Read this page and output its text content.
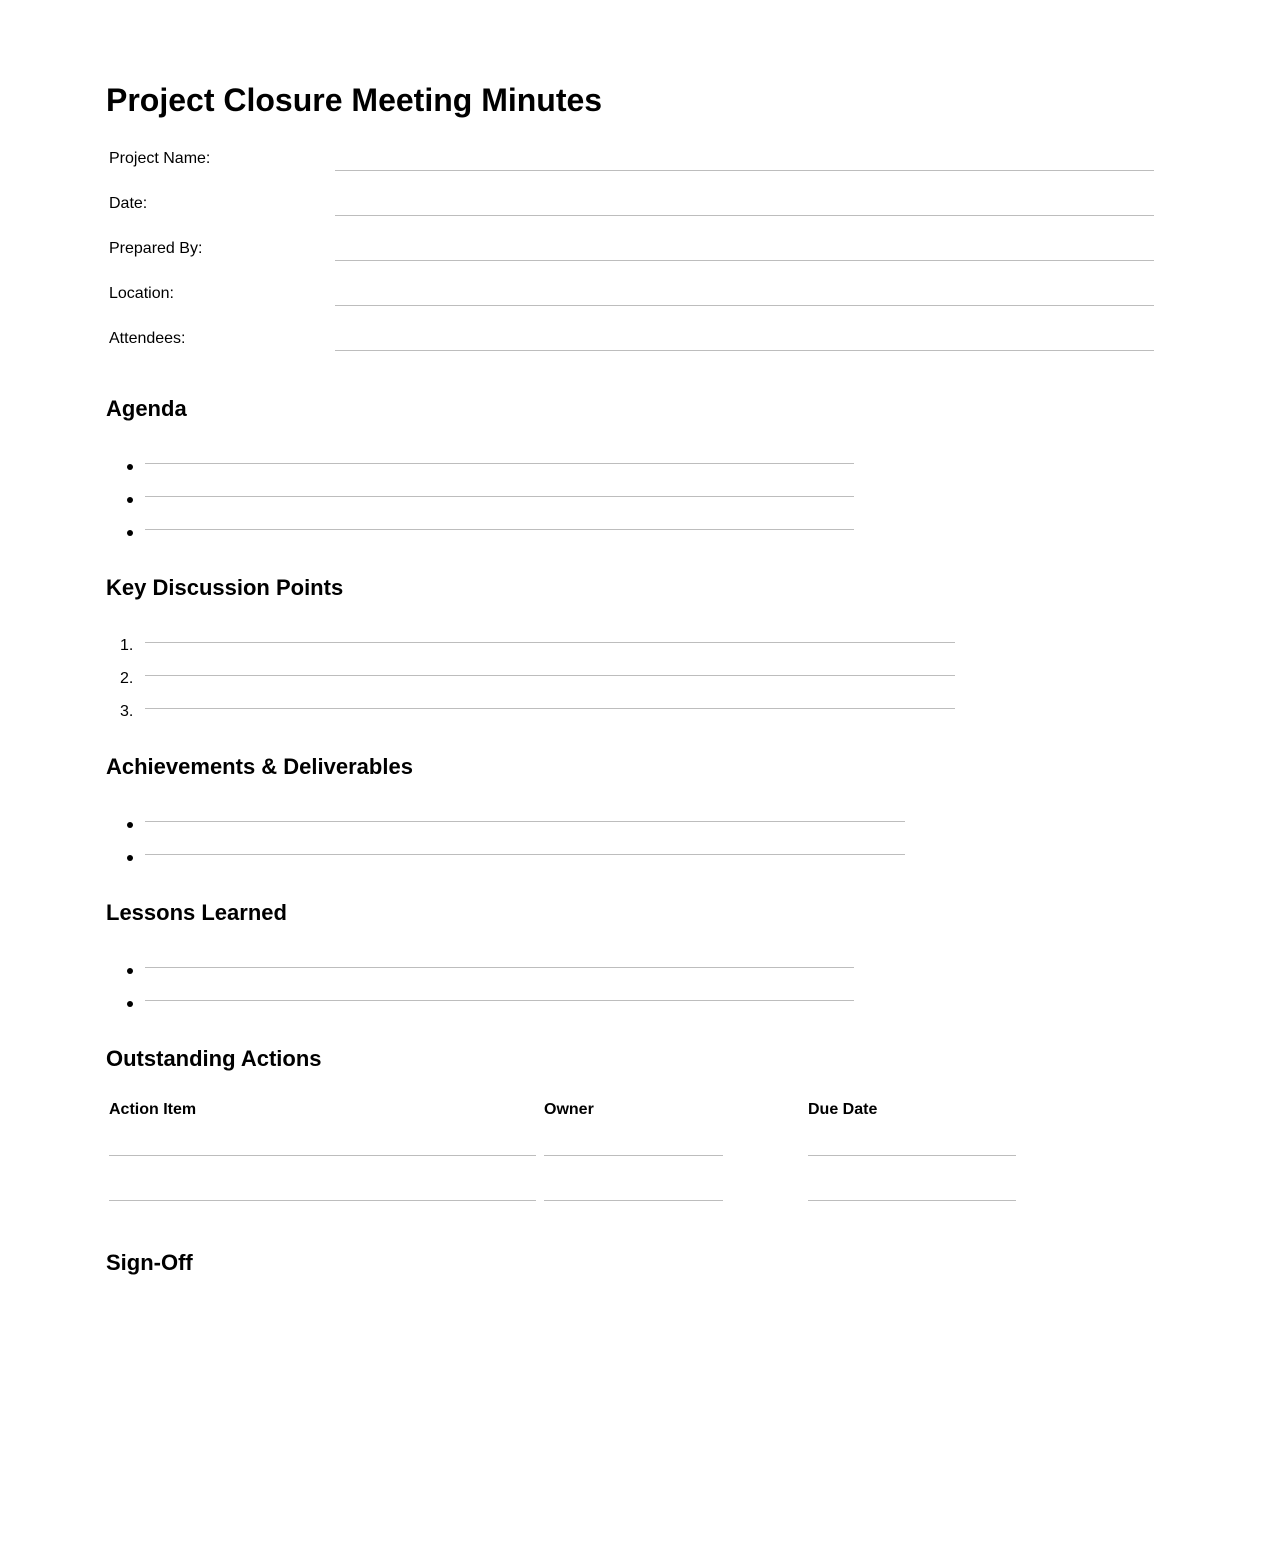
Project Closure Meeting Minutes
Project Name:
Date:
Prepared By:
Location:
Attendees:
Agenda
Key Discussion Points
1.
2.
3.
Achievements & Deliverables
Lessons Learned
Outstanding Actions
Action Item	Owner	Due Date
Sign-Off
